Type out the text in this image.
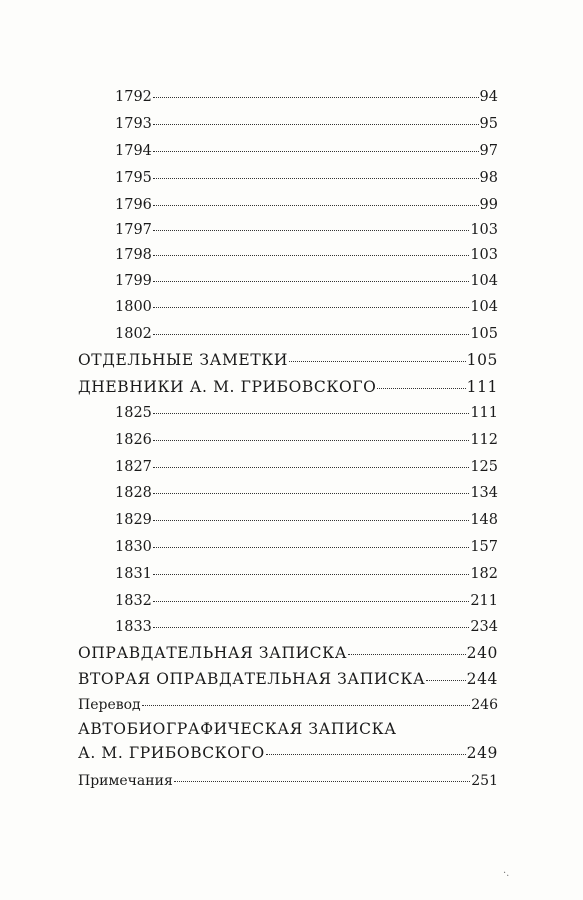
1792	94
1793	95
1794	97
1795	98
1796	99
1797	103
1798	103
1799	104
1800	104
1802	105
ОТДЕЛЬНЫЕ ЗАМЕТКИ	105
ДНЕВНИКИ А. М. ГРИБОВСКОГО	111
1825	111
1826	112
1827	125
1828	134
1829	148
1830	157
1831	182
1832	211
1833	234
ОПРАВДАТЕЛЬНАЯ ЗАПИСКА	240
ВТОРАЯ ОПРАВДАТЕЛЬНАЯ ЗАПИСКА	244
Перевод	246
АВТОБИОГРАФИЧЕСКАЯ ЗАПИСКА
А. М. ГРИБОВСКОГО	249
Примечания	251
·.
